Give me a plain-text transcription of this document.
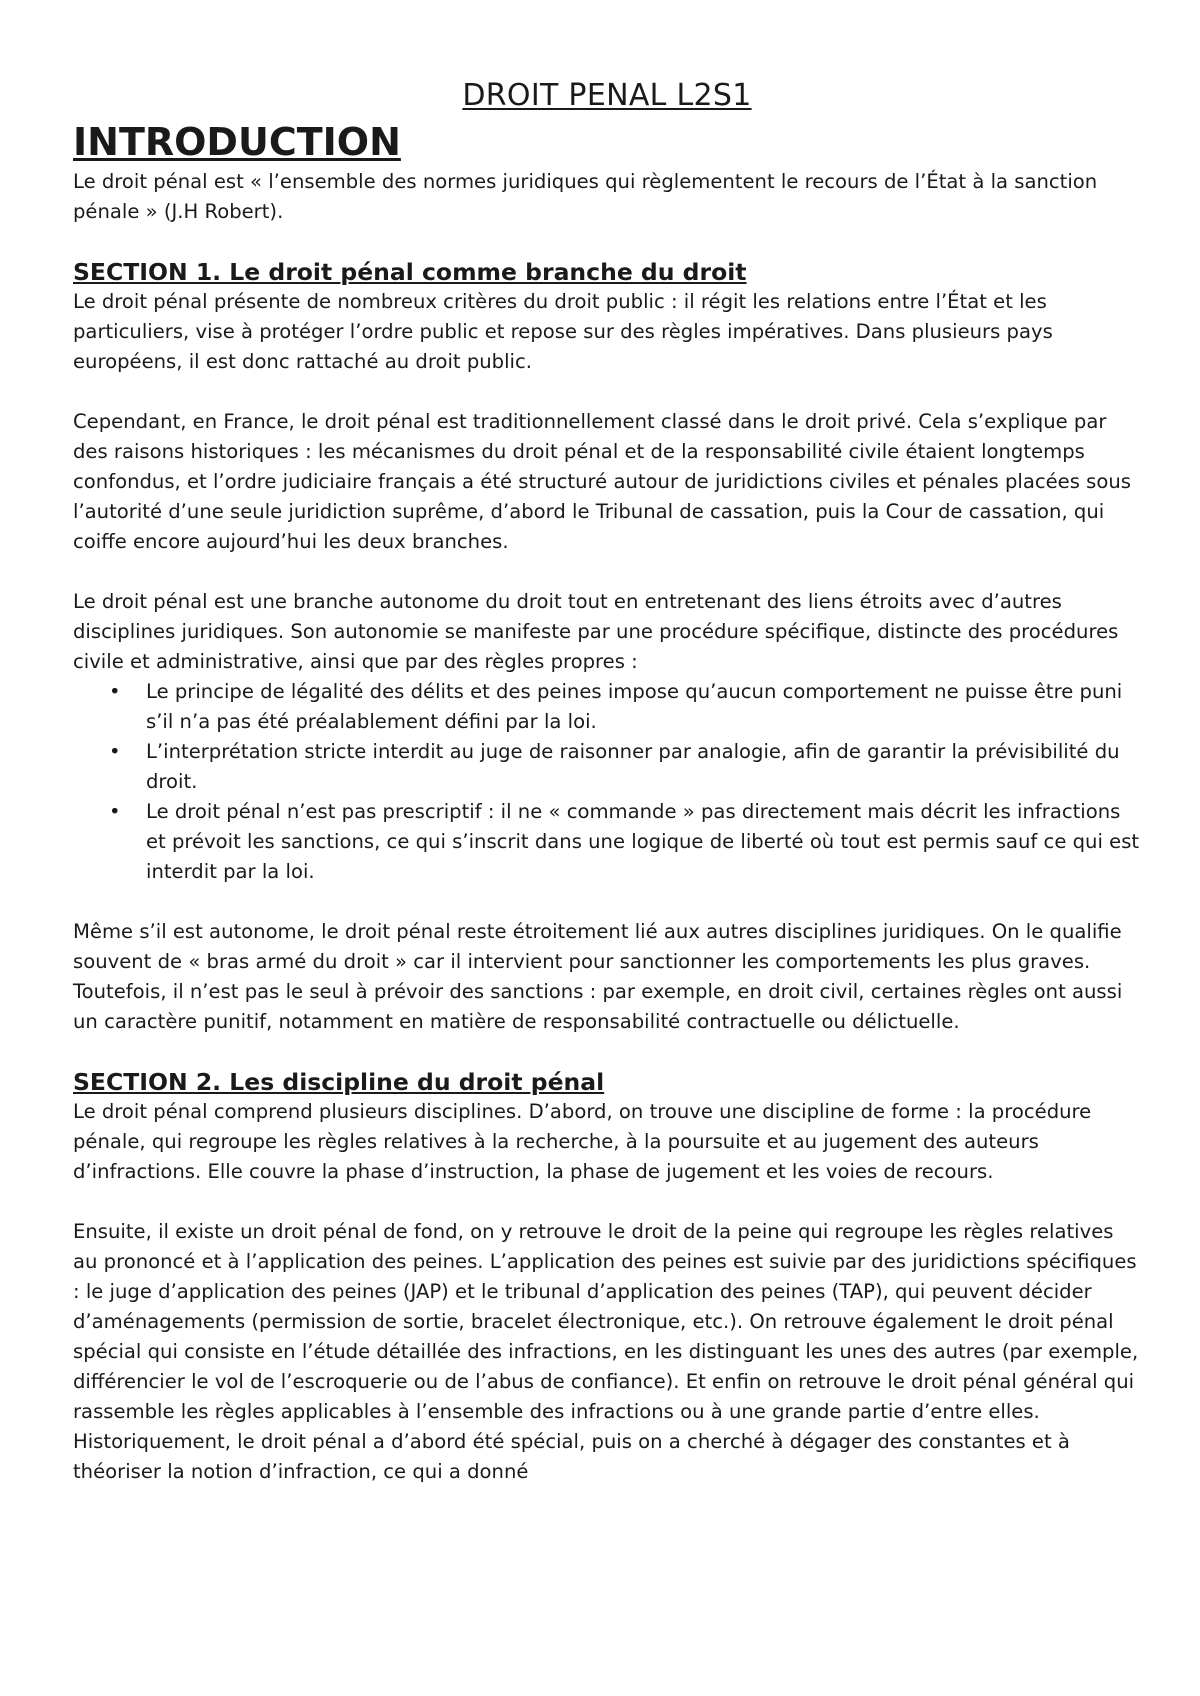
DROIT PENAL L2S1
INTRODUCTION

Le droit pénal est « l’ensemble des normes juridiques qui règlementent le recours de l’État à la sanction pénale » (J.H Robert).

SECTION 1. Le droit pénal comme branche du droit

Le droit pénal présente de nombreux critères du droit public : il régit les relations entre l’État et les particuliers, vise à protéger l’ordre public et repose sur des règles impératives. Dans plusieurs pays européens, il est donc rattaché au droit public.

Cependant, en France, le droit pénal est traditionnellement classé dans le droit privé. Cela s’explique par des raisons historiques : les mécanismes du droit pénal et de la responsabilité civile étaient longtemps confondus, et l’ordre judiciaire français a été structuré autour de juridictions civiles et pénales placées sous l’autorité d’une seule juridiction suprême, d’abord le Tribunal de cassation, puis la Cour de cassation, qui coiffe encore aujourd’hui les deux branches.

Le droit pénal est une branche autonome du droit tout en entretenant des liens étroits avec d’autres disciplines juridiques. Son autonomie se manifeste par une procédure spécifique, distincte des procédures civile et administrative, ainsi que par des règles propres :

• Le principe de légalité des délits et des peines impose qu’aucun comportement ne puisse être puni s’il n’a pas été préalablement défini par la loi.
• L’interprétation stricte interdit au juge de raisonner par analogie, afin de garantir la prévisibilité du droit.
• Le droit pénal n’est pas prescriptif : il ne « commande » pas directement mais décrit les infractions et prévoit les sanctions, ce qui s’inscrit dans une logique de liberté où tout est permis sauf ce qui est interdit par la loi.

Même s’il est autonome, le droit pénal reste étroitement lié aux autres disciplines juridiques. On le qualifie souvent de « bras armé du droit » car il intervient pour sanctionner les comportements les plus graves. Toutefois, il n’est pas le seul à prévoir des sanctions : par exemple, en droit civil, certaines règles ont aussi un caractère punitif, notamment en matière de responsabilité contractuelle ou délictuelle.

SECTION 2. Les discipline du droit pénal

Le droit pénal comprend plusieurs disciplines. D’abord, on trouve une discipline de forme : la procédure pénale, qui regroupe les règles relatives à la recherche, à la poursuite et au jugement des auteurs d’infractions. Elle couvre la phase d’instruction, la phase de jugement et les voies de recours.

Ensuite, il existe un droit pénal de fond, on y retrouve le droit de la peine qui regroupe les règles relatives au prononcé et à l’application des peines. L’application des peines est suivie par des juridictions spécifiques : le juge d’application des peines (JAP) et le tribunal d’application des peines (TAP), qui peuvent décider d’aménagements (permission de sortie, bracelet électronique, etc.). On retrouve également le droit pénal spécial qui consiste en l’étude détaillée des infractions, en les distinguant les unes des autres (par exemple, différencier le vol de l’escroquerie ou de l’abus de confiance). Et enfin on retrouve le droit pénal général qui rassemble les règles applicables à l’ensemble des infractions ou à une grande partie d’entre elles. Historiquement, le droit pénal a d’abord été spécial, puis on a cherché à dégager des constantes et à théoriser la notion d’infraction, ce qui a donné
